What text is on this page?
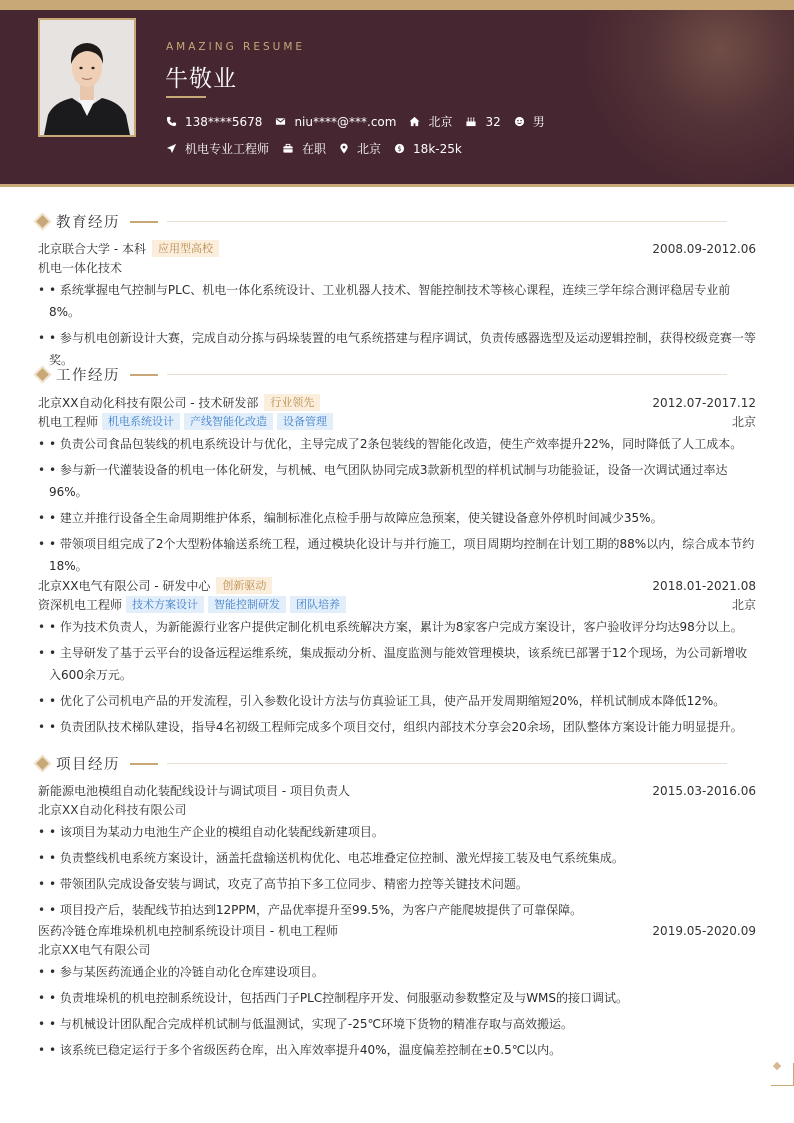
AMAZING RESUME
牛敬业
138****5678	niu****@***.com	北京	32	男
机电专业工程师	在职	北京 $ 18k-25k
教育经历
北京联合大学 - 本科	应用型高校	2008.09-2012.06
机电一体化技术
• • 系统掌握电气控制与PLC、机电一体化系统设计、工业机器人技术、智能控制技术等核心课程，连续三学年综合测评稳居专业前8%。
• • 参与机电创新设计大赛，完成自动分拣与码垛装置的电气系统搭建与程序调试，负责传感器选型及运动逻辑控制，获得校级竞赛一等奖。
工作经历
北京XX自动化科技有限公司 - 技术研发部	行业领先	2012.07-2017.12
机电工程师 机电系统设计	产线智能化改造	设备管理	北京
• • 负责公司食品包装线的机电系统设计与优化，主导完成了2条包装线的智能化改造，使生产效率提升22%，同时降低了人工成本。
• • 参与新一代灌装设备的机电一体化研发，与机械、电气团队协同完成3款新机型的样机试制与功能验证，设备一次调试通过率达96%。
• • 建立并推行设备全生命周期维护体系，编制标准化点检手册与故障应急预案，使关键设备意外停机时间减少35%。
• • 带领项目组完成了2个大型粉体输送系统工程，通过模块化设计与并行施工，项目周期均控制在计划工期的88%以内，综合成本节约18%。
北京XX电气有限公司 - 研发中心	创新驱动	2018.01-2021.08
资深机电工程师 技术方案设计	智能控制研发	团队培养	北京
• • 作为技术负责人，为新能源行业客户提供定制化机电系统解决方案，累计为8家客户完成方案设计，客户验收评分均达98分以上。
• • 主导研发了基于云平台的设备远程运维系统，集成振动分析、温度监测与能效管理模块，该系统已部署于12个现场，为公司新增收入600余万元。
• • 优化了公司机电产品的开发流程，引入参数化设计方法与仿真验证工具，使产品开发周期缩短20%，样机试制成本降低12%。
• • 负责团队技术梯队建设，指导4名初级工程师完成多个项目交付，组织内部技术分享会20余场，团队整体方案设计能力明显提升。
项目经历
新能源电池模组自动化装配线设计与调试项目 - 项目负责人	2015.03-2016.06
北京XX自动化科技有限公司
• • 该项目为某动力电池生产企业的模组自动化装配线新建项目。
• • 负责整线机电系统方案设计，涵盖托盘输送机构优化、电芯堆叠定位控制、激光焊接工装及电气系统集成。
• • 带领团队完成设备安装与调试，攻克了高节拍下多工位同步、精密力控等关键技术问题。
• • 项目投产后，装配线节拍达到12PPM，产品优率提升至99.5%，为客户产能爬坡提供了可靠保障。
医药冷链仓库堆垛机机电控制系统设计项目 - 机电工程师	2019.05-2020.09
北京XX电气有限公司
• • 参与某医药流通企业的冷链自动化仓库建设项目。
• • 负责堆垛机的机电控制系统设计，包括西门子PLC控制程序开发、伺服驱动参数整定及与WMS的接口调试。
• • 与机械设计团队配合完成样机试制与低温测试，实现了-25℃环境下货物的精准存取与高效搬运。
• • 该系统已稳定运行于多个省级医药仓库，出入库效率提升40%，温度偏差控制在±0.5℃以内。
